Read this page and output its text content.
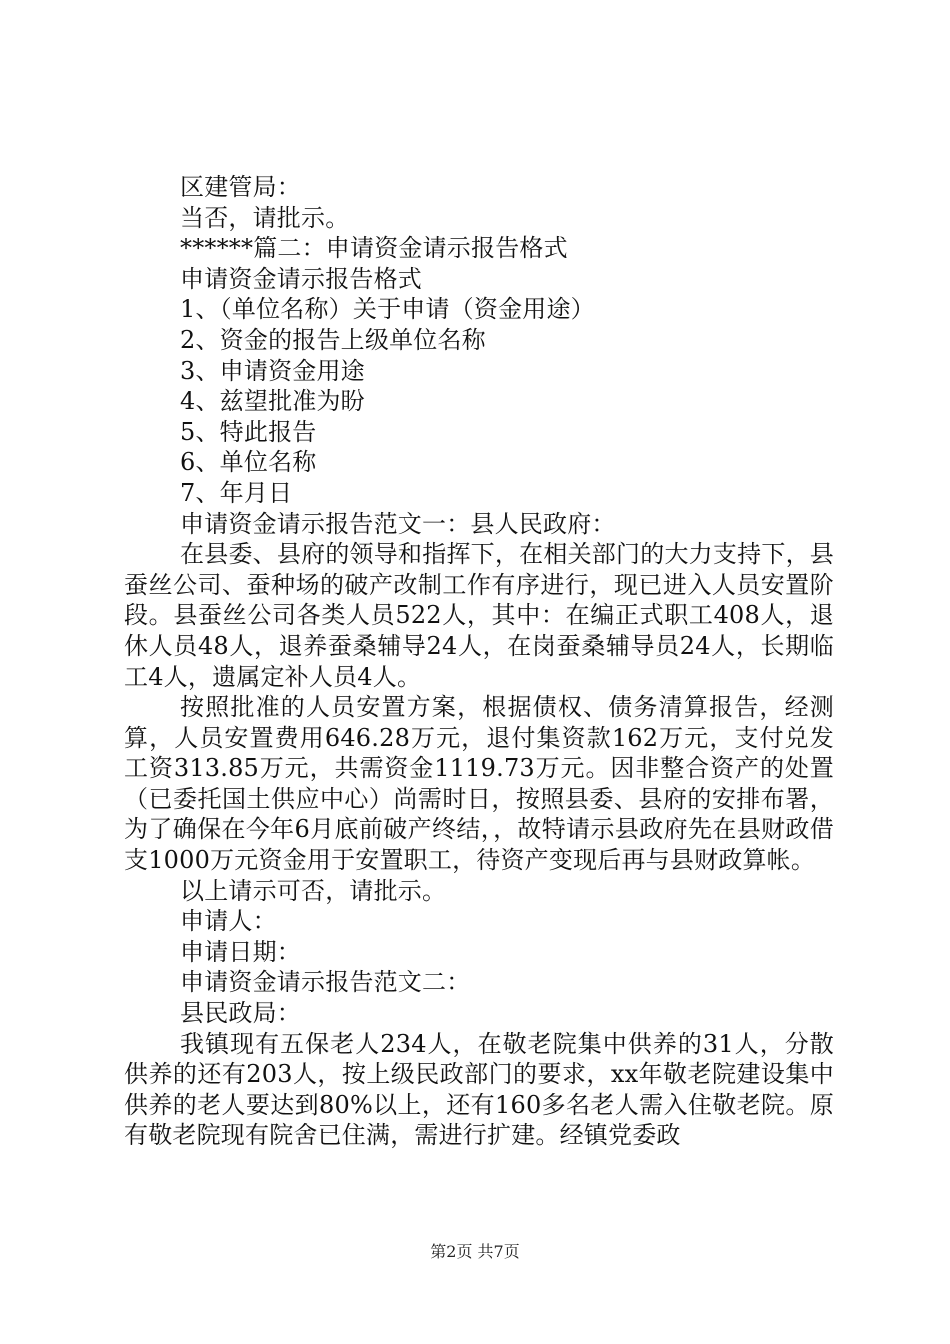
区建管局：
当否，请批示。
******篇二：申请资金请示报告格式
申请资金请示报告格式
1、（单位名称）关于申请（资金用途）
2、资金的报告上级单位名称
3、申请资金用途
4、兹望批准为盼
5、特此报告
6、单位名称
7、年月日
申请资金请示报告范文一：县人民政府：

在县委、县府的领导和指挥下，在相关部门的大力支持下，县蚕丝公司、蚕种场的破产改制工作有序进行，现已进入人员安置阶段。县蚕丝公司各类人员522人，其中：在编正式职工408人，退休人员48人，退养蚕桑辅导24人，在岗蚕桑辅导员24人，长期临工4人，遗属定补人员4人。

按照批准的人员安置方案，根据债权、债务清算报告，经测算，人员安置费用646.28万元，退付集资款162万元，支付兑发工资313.85万元，共需资金1119.73万元。因非整合资产的处置（已委托国土供应中心）尚需时日，按照县委、县府的安排布署，为了确保在今年6月底前破产终结，，故特请示县政府先在县财政借支1000万元资金用于安置职工，待资产变现后再与县财政算帐。

以上请示可否，请批示。
申请人：
申请日期：
申请资金请示报告范文二：
县民政局：

我镇现有五保老人234人，在敬老院集中供养的31人，分散供养的还有203人，按上级民政部门的要求，xx年敬老院建设集中供养的老人要达到80%以上，还有160多名老人需入住敬老院。原有敬老院现有院舍已住满，需进行扩建。经镇党委政

第2页 共7页
